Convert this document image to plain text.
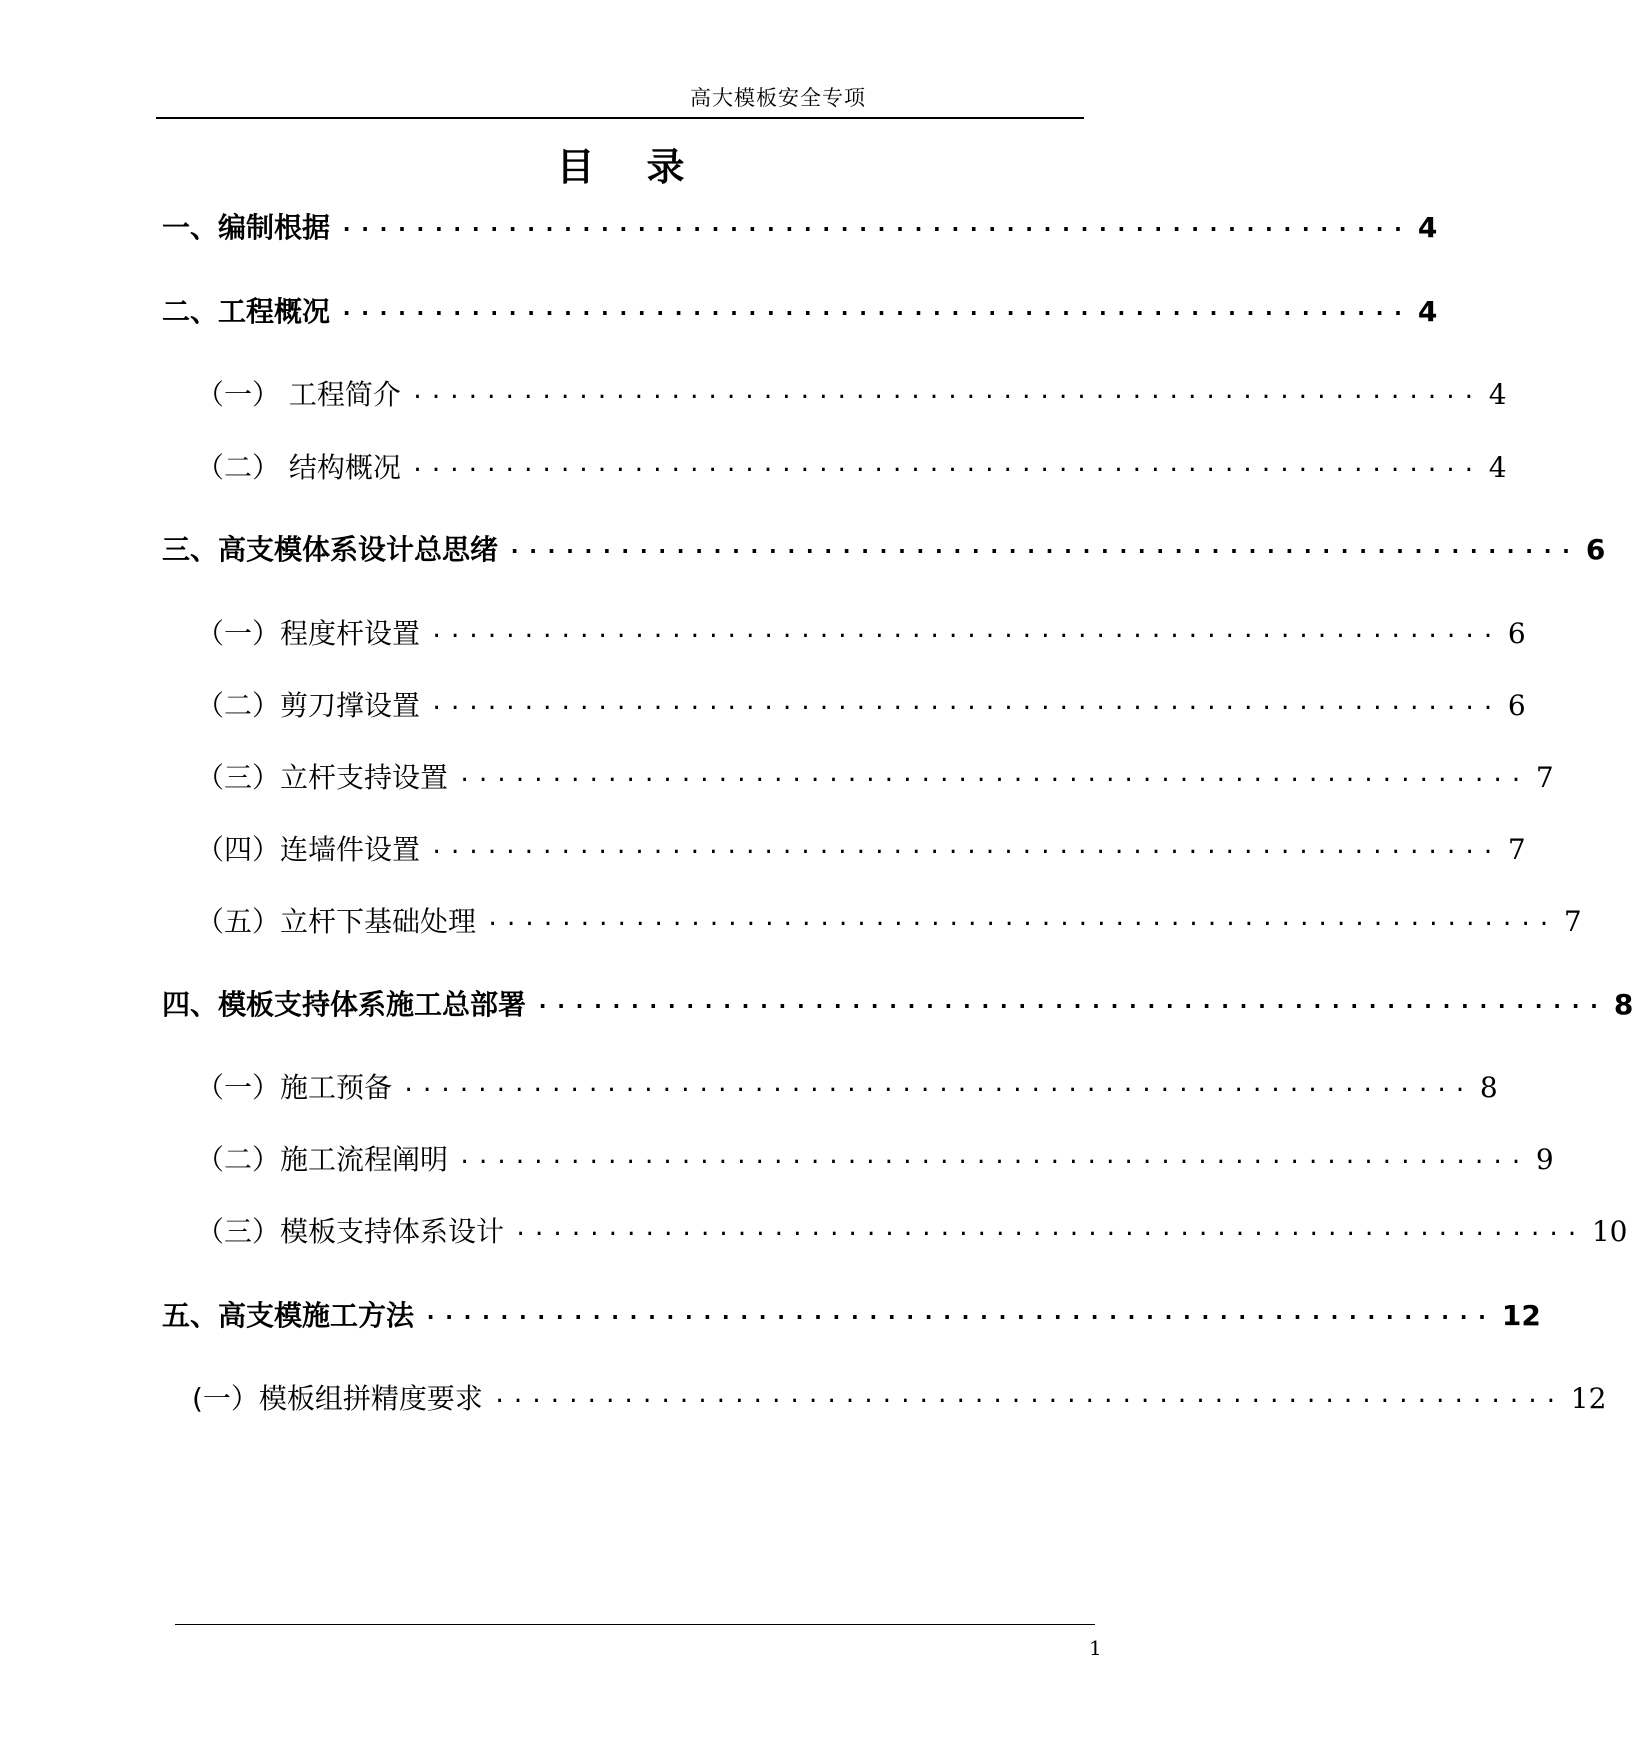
高大模板安全专项
目 录
一、编制根据 ·························································· 4
二、工程概况 ·························································· 4
（一） 工程简介 ·························································· 4
（二） 结构概况 ·························································· 4
三、高支模体系设计总思绪 ·························································· 6
（一）程度杆设置 ·························································· 6
（二）剪刀撑设置 ·························································· 6
（三）立杆支持设置 ·························································· 7
（四）连墙件设置 ·························································· 7
（五）立杆下基础处理 ·························································· 7
四、模板支持体系施工总部署 ·························································· 8
（一）施工预备 ·························································· 8
（二）施工流程阐明 ·························································· 9
（三）模板支持体系设计 ·························································· 10
五、高支模施工方法 ·························································· 12
(一）模板组拼精度要求 ·························································· 12
1
